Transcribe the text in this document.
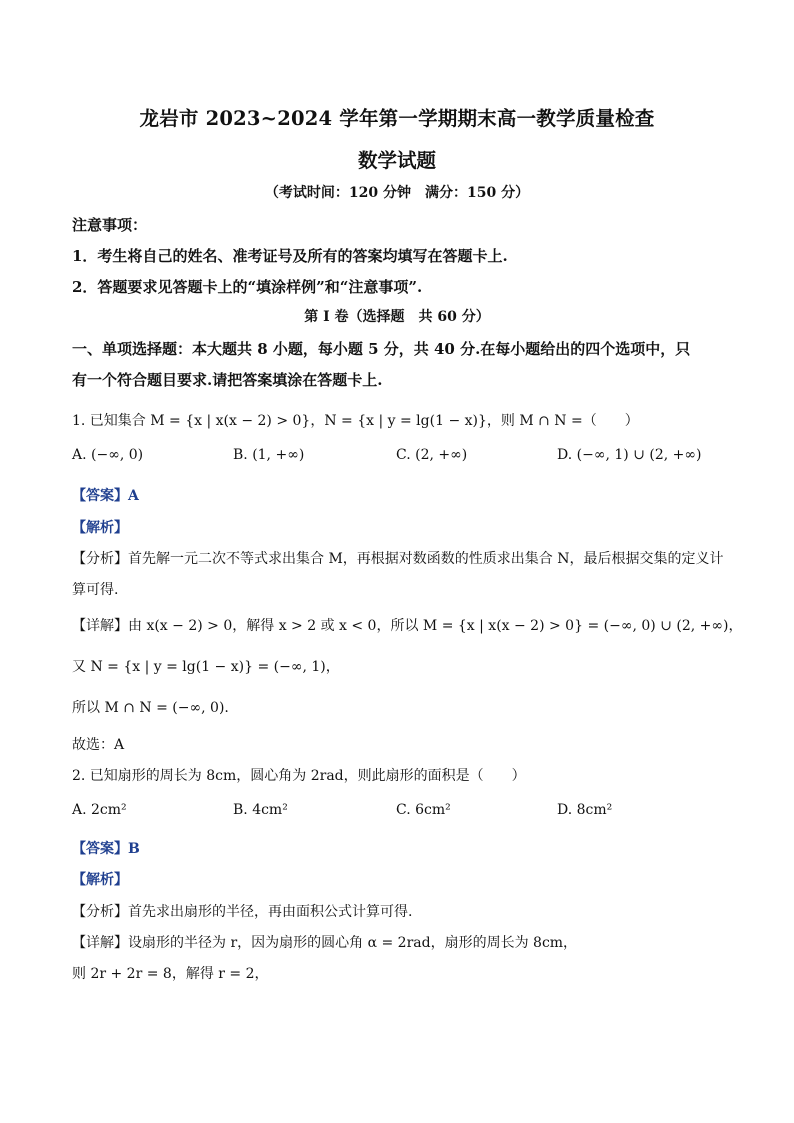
龙岩市 2023~2024 学年第一学期期末高一教学质量检查
数学试题
（考试时间：120 分钟　满分：150 分）
注意事项：
1．考生将自己的姓名、准考证号及所有的答案均填写在答题卡上.
2．答题要求见答题卡上的“填涂样例”和“注意事项”.
第 I 卷（选择题　共 60 分）
一、单项选择题：本大题共 8 小题，每小题 5 分，共 40 分.在每小题给出的四个选项中，只
有一个符合题目要求.请把答案填涂在答题卡上.
1. 已知集合 M = {x | x(x − 2) > 0}，N = {x | y = lg(1 − x)}，则 M ∩ N =（　　）
A. (−∞, 0)	B. (1, +∞)	C. (2, +∞)	D. (−∞, 1) ∪ (2, +∞)
【答案】A
【解析】
【分析】首先解一元二次不等式求出集合 M，再根据对数函数的性质求出集合 N，最后根据交集的定义计
算可得.
【详解】由 x(x − 2) > 0，解得 x > 2 或 x < 0，所以 M = {x | x(x − 2) > 0} = (−∞, 0) ∪ (2, +∞)，
又 N = {x | y = lg(1 − x)} = (−∞, 1)，
所以 M ∩ N = (−∞, 0).
故选：A
2. 已知扇形的周长为 8cm，圆心角为 2rad，则此扇形的面积是（　　）
A. 2cm²	B. 4cm²	C. 6cm²	D. 8cm²
【答案】B
【解析】
【分析】首先求出扇形的半径，再由面积公式计算可得.
【详解】设扇形的半径为 r，因为扇形的圆心角 α = 2rad，扇形的周长为 8cm，
则 2r + 2r = 8，解得 r = 2，
